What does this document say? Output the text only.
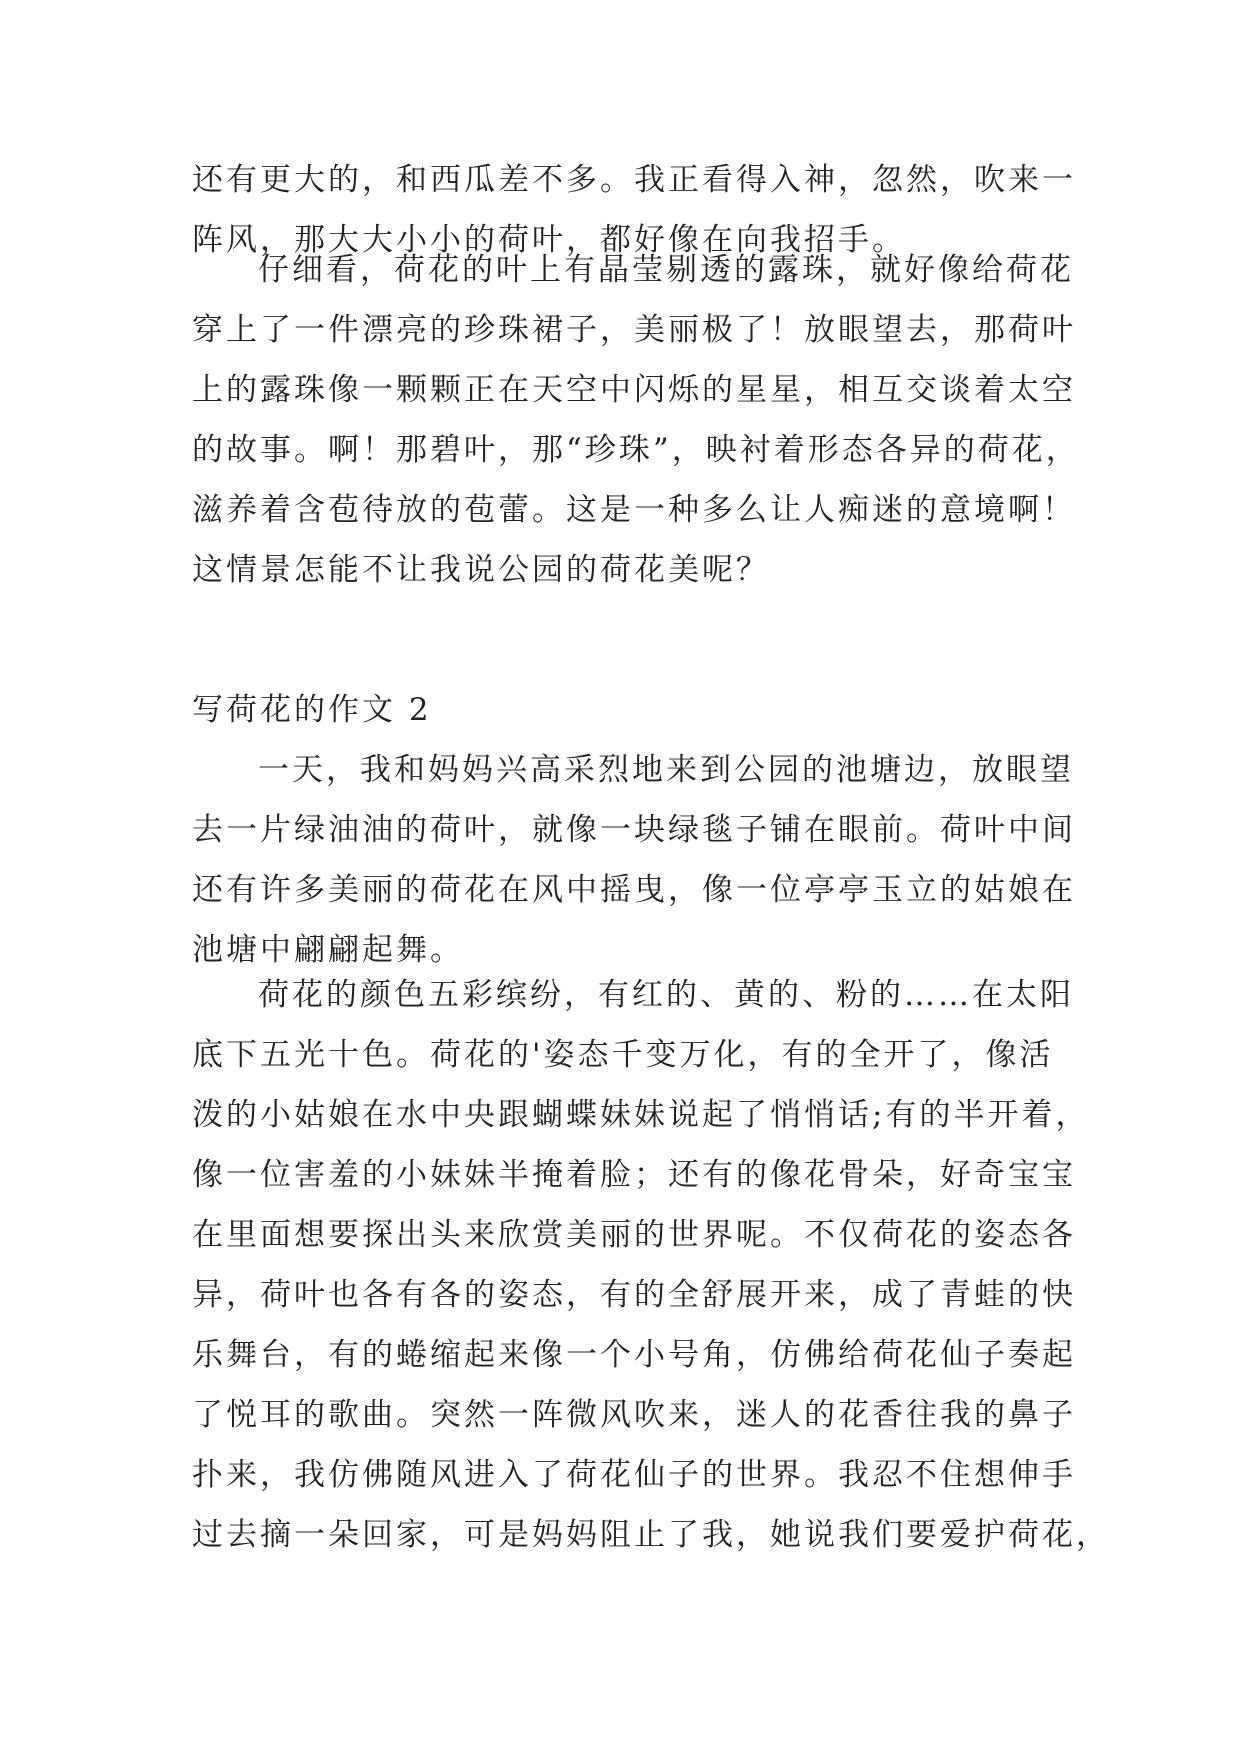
还有更大的，和西瓜差不多。我正看得入神，忽然，吹来一
阵风，那大大小小的荷叶，都好像在向我招手。
仔细看，荷花的叶上有晶莹剔透的露珠，就好像给荷花
穿上了一件漂亮的珍珠裙子，美丽极了！放眼望去，那荷叶
上的露珠像一颗颗正在天空中闪烁的星星，相互交谈着太空
的故事。啊！那碧叶，那“珍珠”，映衬着形态各异的荷花，
滋养着含苞待放的苞蕾。这是一种多么让人痴迷的意境啊！
这情景怎能不让我说公园的荷花美呢？
写荷花的作文 2
一天，我和妈妈兴高采烈地来到公园的池塘边，放眼望
去一片绿油油的荷叶，就像一块绿毯子铺在眼前。荷叶中间
还有许多美丽的荷花在风中摇曳，像一位亭亭玉立的姑娘在
池塘中翩翩起舞。
荷花的颜色五彩缤纷，有红的、黄的、粉的……在太阳
底下五光十色。荷花的'姿态千变万化，有的全开了，像活
泼的小姑娘在水中央跟蝴蝶妹妹说起了悄悄话;有的半开着，
像一位害羞的小妹妹半掩着脸；还有的像花骨朵，好奇宝宝
在里面想要探出头来欣赏美丽的世界呢。不仅荷花的姿态各
异，荷叶也各有各的姿态，有的全舒展开来，成了青蛙的快
乐舞台，有的蜷缩起来像一个小号角，仿佛给荷花仙子奏起
了悦耳的歌曲。突然一阵微风吹来，迷人的花香往我的鼻子
扑来，我仿佛随风进入了荷花仙子的世界。我忍不住想伸手
过去摘一朵回家，可是妈妈阻止了我，她说我们要爱护荷花，
